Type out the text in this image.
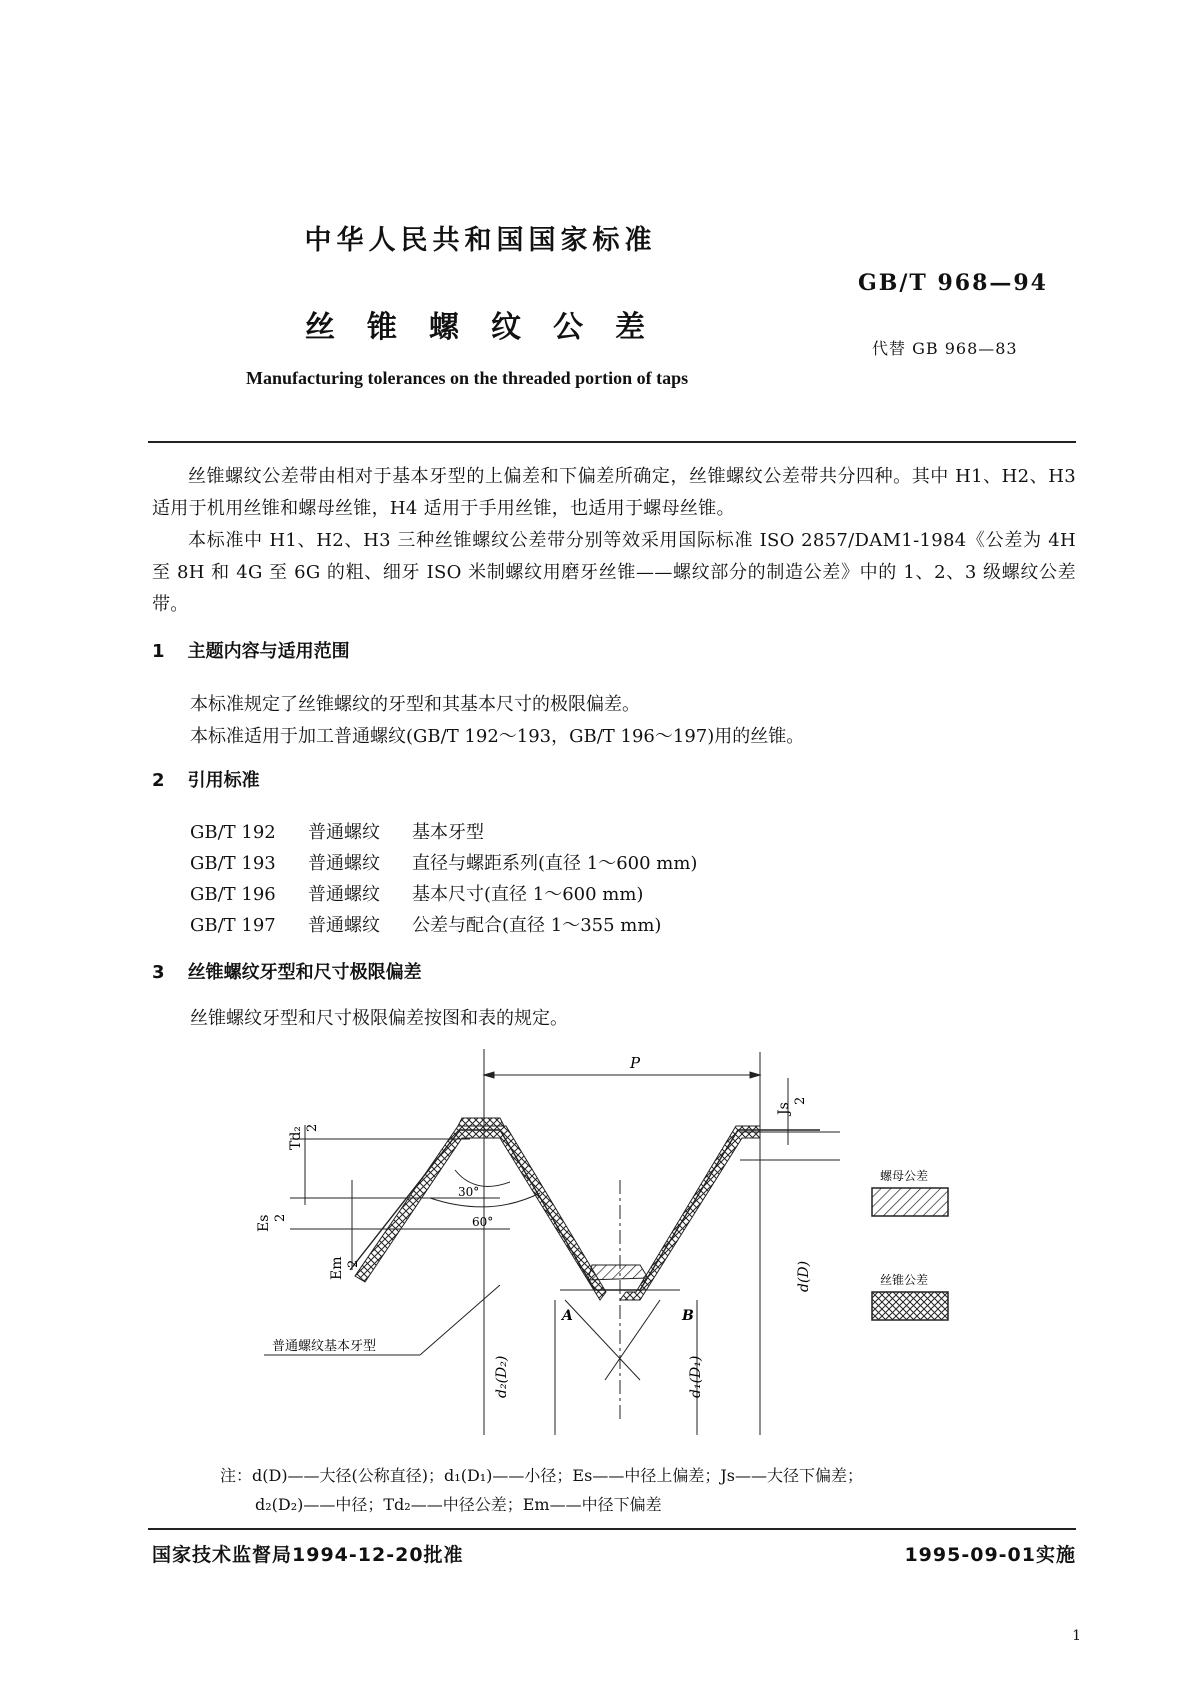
中华人民共和国国家标准
GB/T 968—94
丝锥螺纹公差
代替 GB 968—83
Manufacturing tolerances on the threaded portion of taps
丝锥螺纹公差带由相对于基本牙型的上偏差和下偏差所确定，丝锥螺纹公差带共分四种。其中 H1、H2、H3 适用于机用丝锥和螺母丝锥，H4 适用于手用丝锥，也适用于螺母丝锥。
本标准中 H1、H2、H3 三种丝锥螺纹公差带分别等效采用国际标准 ISO 2857/DAM1-1984《公差为 4H 至 8H 和 4G 至 6G 的粗、细牙 ISO 米制螺纹用磨牙丝锥——螺纹部分的制造公差》中的 1、2、3 级螺纹公差带。
1 主题内容与适用范围
本标准规定了丝锥螺纹的牙型和其基本尺寸的极限偏差。
本标准适用于加工普通螺纹(GB/T 192～193，GB/T 196～197)用的丝锥。
2 引用标准
GB/T 192 普通螺纹 基本牙型
GB/T 193 普通螺纹 直径与螺距系列(直径 1～600 mm)
GB/T 196 普通螺纹 基本尺寸(直径 1～600 mm)
GB/T 197 普通螺纹 公差与配合(直径 1～355 mm)
3 丝锥螺纹牙型和尺寸极限偏差
丝锥螺纹牙型和尺寸极限偏差按图和表的规定。
P
Td₂ 2
Es 2
Em 2
Js
2
30°
60°
A	B
d(D)
d₂(D₂)	d₁(D₁)
普通螺纹基本牙型
螺母公差
丝锥公差
注：d(D)——大径(公称直径)；d₁(D₁)——小径；Es——中径上偏差；Js——大径下偏差；
d₂(D₂)——中径；Td₂——中径公差；Em——中径下偏差
国家技术监督局1994-12-20批准	1995-09-01实施
1
